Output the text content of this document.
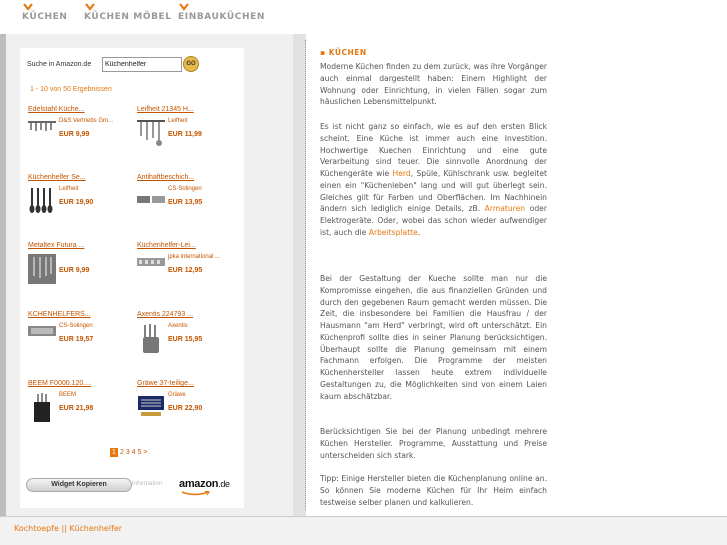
KÜCHEN KÜCHEN MÖBEL EINBAUKÜCHEN
Suche in Amazon.de
Küchenhelfer	GO
1 - 10 von 50 Ergebnissen
Edelstahl Küche...
D&S Vertriebs Gm...
EUR 9,99
Leifheit 21345 H...
Leifheit
EUR 11,99
Küchenhelfer Se...
Leifheit
EUR 19,90
Antihaftbeschich...
CS-Solingen
EUR 13,95
Metaltex Futura ...
EUR 9,99
Küchenhelfer-Lei...
jpka international ...
EUR 12,95
KCHENHELFERS...
CS-Solingen
EUR 19,57
Axentis 224793 ...
Axentis
EUR 15,95
BEEM F0000.120....
BEEM
EUR 21,98
Gräwe 37-teilige...
Gräwe
EUR 22,90
1 2 3 4 5 >
Widget Kopieren	Information amazon.de
▪ KÜCHEN
Moderne Küchen finden zu dem zurück, was ihre Vorgänger auch einmal dargestellt haben: Einem Highlight der Wohnung oder Einrichtung, in vielen Fällen sogar zum häuslichen Lebensmittelpunkt.
Es ist nicht ganz so einfach, wie es auf den ersten Blick scheint. Eine Küche ist immer auch eine Investition. Hochwertige Kuechen Einrichtung und eine gute Verarbeitung sind teuer. Die sinnvolle Anordnung der Küchengeräte wie Herd, Spüle, Kühlschrank usw. begleitet einen ein "Küchenleben" lang und will gut überlegt sein. Gleiches gilt für Farben und Oberflächen. Im Nachhinein ändern sich lediglich einige Details, zB. Armaturen oder Elektrogeräte. Oder, wobei das schon wieder aufwendiger ist, auch die Arbeitsplatte.
Bei der Gestaltung der Kueche sollte man nur die Kompromisse eingehen, die aus finanziellen Gründen und durch den gegebenen Raum gemacht werden müssen. Die Zeit, die insbesondere bei Familien die Hausfrau / der Hausmann "am Herd" verbringt, wird oft unterschätzt. Ein Küchenprofi sollte dies in seiner Planung berücksichtigen. Überhaupt sollte die Planung gemeinsam mit einem Fachmann erfolgen. Die Programme der meisten Küchenhersteller lassen heute extrem individuelle Gestaltungen zu, die Möglichkeiten sind von einem Laien kaum abschätzbar.
Berücksichtigen Sie bei der Planung unbedingt mehrere Küchen Hersteller. Programme, Ausstattung und Preise unterscheiden sich stark.
Tipp: Einige Hersteller bieten die Küchenplanung online an. So können Sie moderne Küchen für Ihr Heim einfach testweise selber planen und kalkulieren.
Kochtoepfe || Küchenhelfer
